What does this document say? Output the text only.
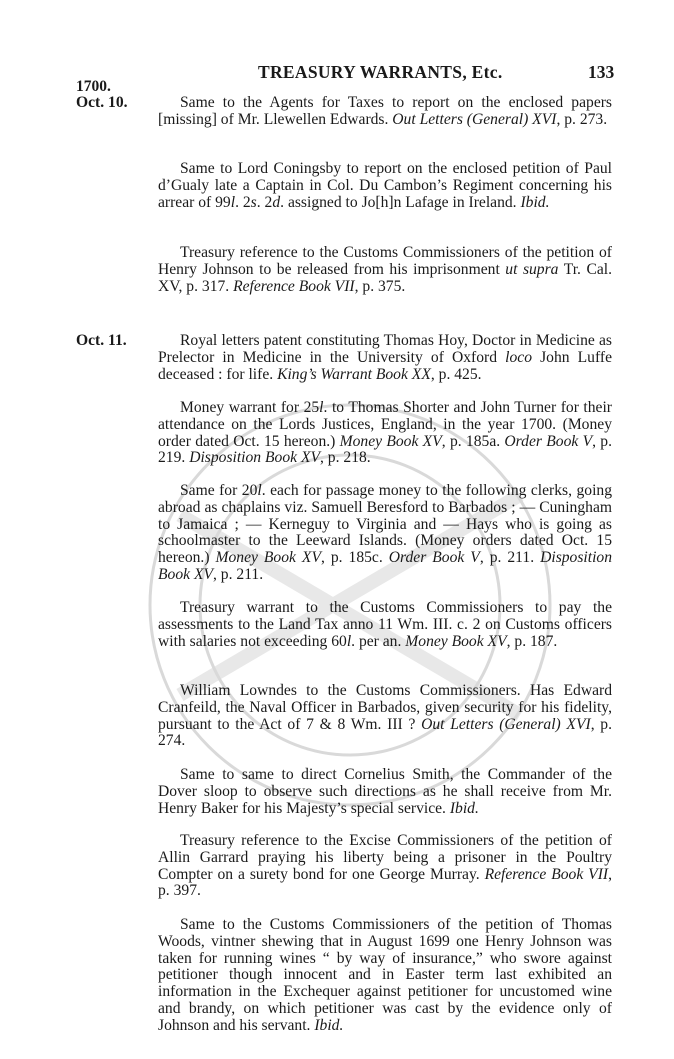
TREASURY WARRANTS, Etc.	133
1700.
Oct. 10.
Oct. 11.
Same to the Agents for Taxes to report on the enclosed papers [missing] of Mr. Llewellen Edwards. Out Letters (General) XVI, p. 273.
Same to Lord Coningsby to report on the enclosed petition of Paul d’Gualy late a Captain in Col. Du Cambon’s Regiment concerning his arrear of 99l. 2s. 2d. assigned to Jo[h]n Lafage in Ireland. Ibid.
Treasury reference to the Customs Commissioners of the petition of Henry Johnson to be released from his imprisonment ut supra Tr. Cal. XV, p. 317. Reference Book VII, p. 375.
Royal letters patent constituting Thomas Hoy, Doctor in Medicine as Prelector in Medicine in the University of Oxford loco John Luffe deceased : for life. King’s Warrant Book XX, p. 425.
Money warrant for 25l. to Thomas Shorter and John Turner for their attendance on the Lords Justices, England, in the year 1700. (Money order dated Oct. 15 hereon.) Money Book XV, p. 185a. Order Book V, p. 219. Disposition Book XV, p. 218.
Same for 20l. each for passage money to the following clerks, going abroad as chaplains viz. Samuell Beresford to Barbados ; — Cuningham to Jamaica ; — Kerneguy to Virginia and — Hays who is going as schoolmaster to the Leeward Islands. (Money orders dated Oct. 15 hereon.) Money Book XV, p. 185c. Order Book V, p. 211. Disposition Book XV, p. 211.
Treasury warrant to the Customs Commissioners to pay the assessments to the Land Tax anno 11 Wm. III. c. 2 on Customs officers with salaries not exceeding 60l. per an. Money Book XV, p. 187.
William Lowndes to the Customs Commissioners. Has Edward Cranfeild, the Naval Officer in Barbados, given security for his fidelity, pursuant to the Act of 7 & 8 Wm. III ? Out Letters (General) XVI, p. 274.
Same to same to direct Cornelius Smith, the Commander of the Dover sloop to observe such directions as he shall receive from Mr. Henry Baker for his Majesty’s special service. Ibid.
Treasury reference to the Excise Commissioners of the petition of Allin Garrard praying his liberty being a prisoner in the Poultry Compter on a surety bond for one George Murray. Reference Book VII, p. 397.
Same to the Customs Commissioners of the petition of Thomas Woods, vintner shewing that in August 1699 one Henry Johnson was taken for running wines “ by way of insurance,” who swore against petitioner though innocent and in Easter term last exhibited an information in the Exchequer against petitioner for uncustomed wine and brandy, on which petitioner was cast by the evidence only of Johnson and his servant. Ibid.
